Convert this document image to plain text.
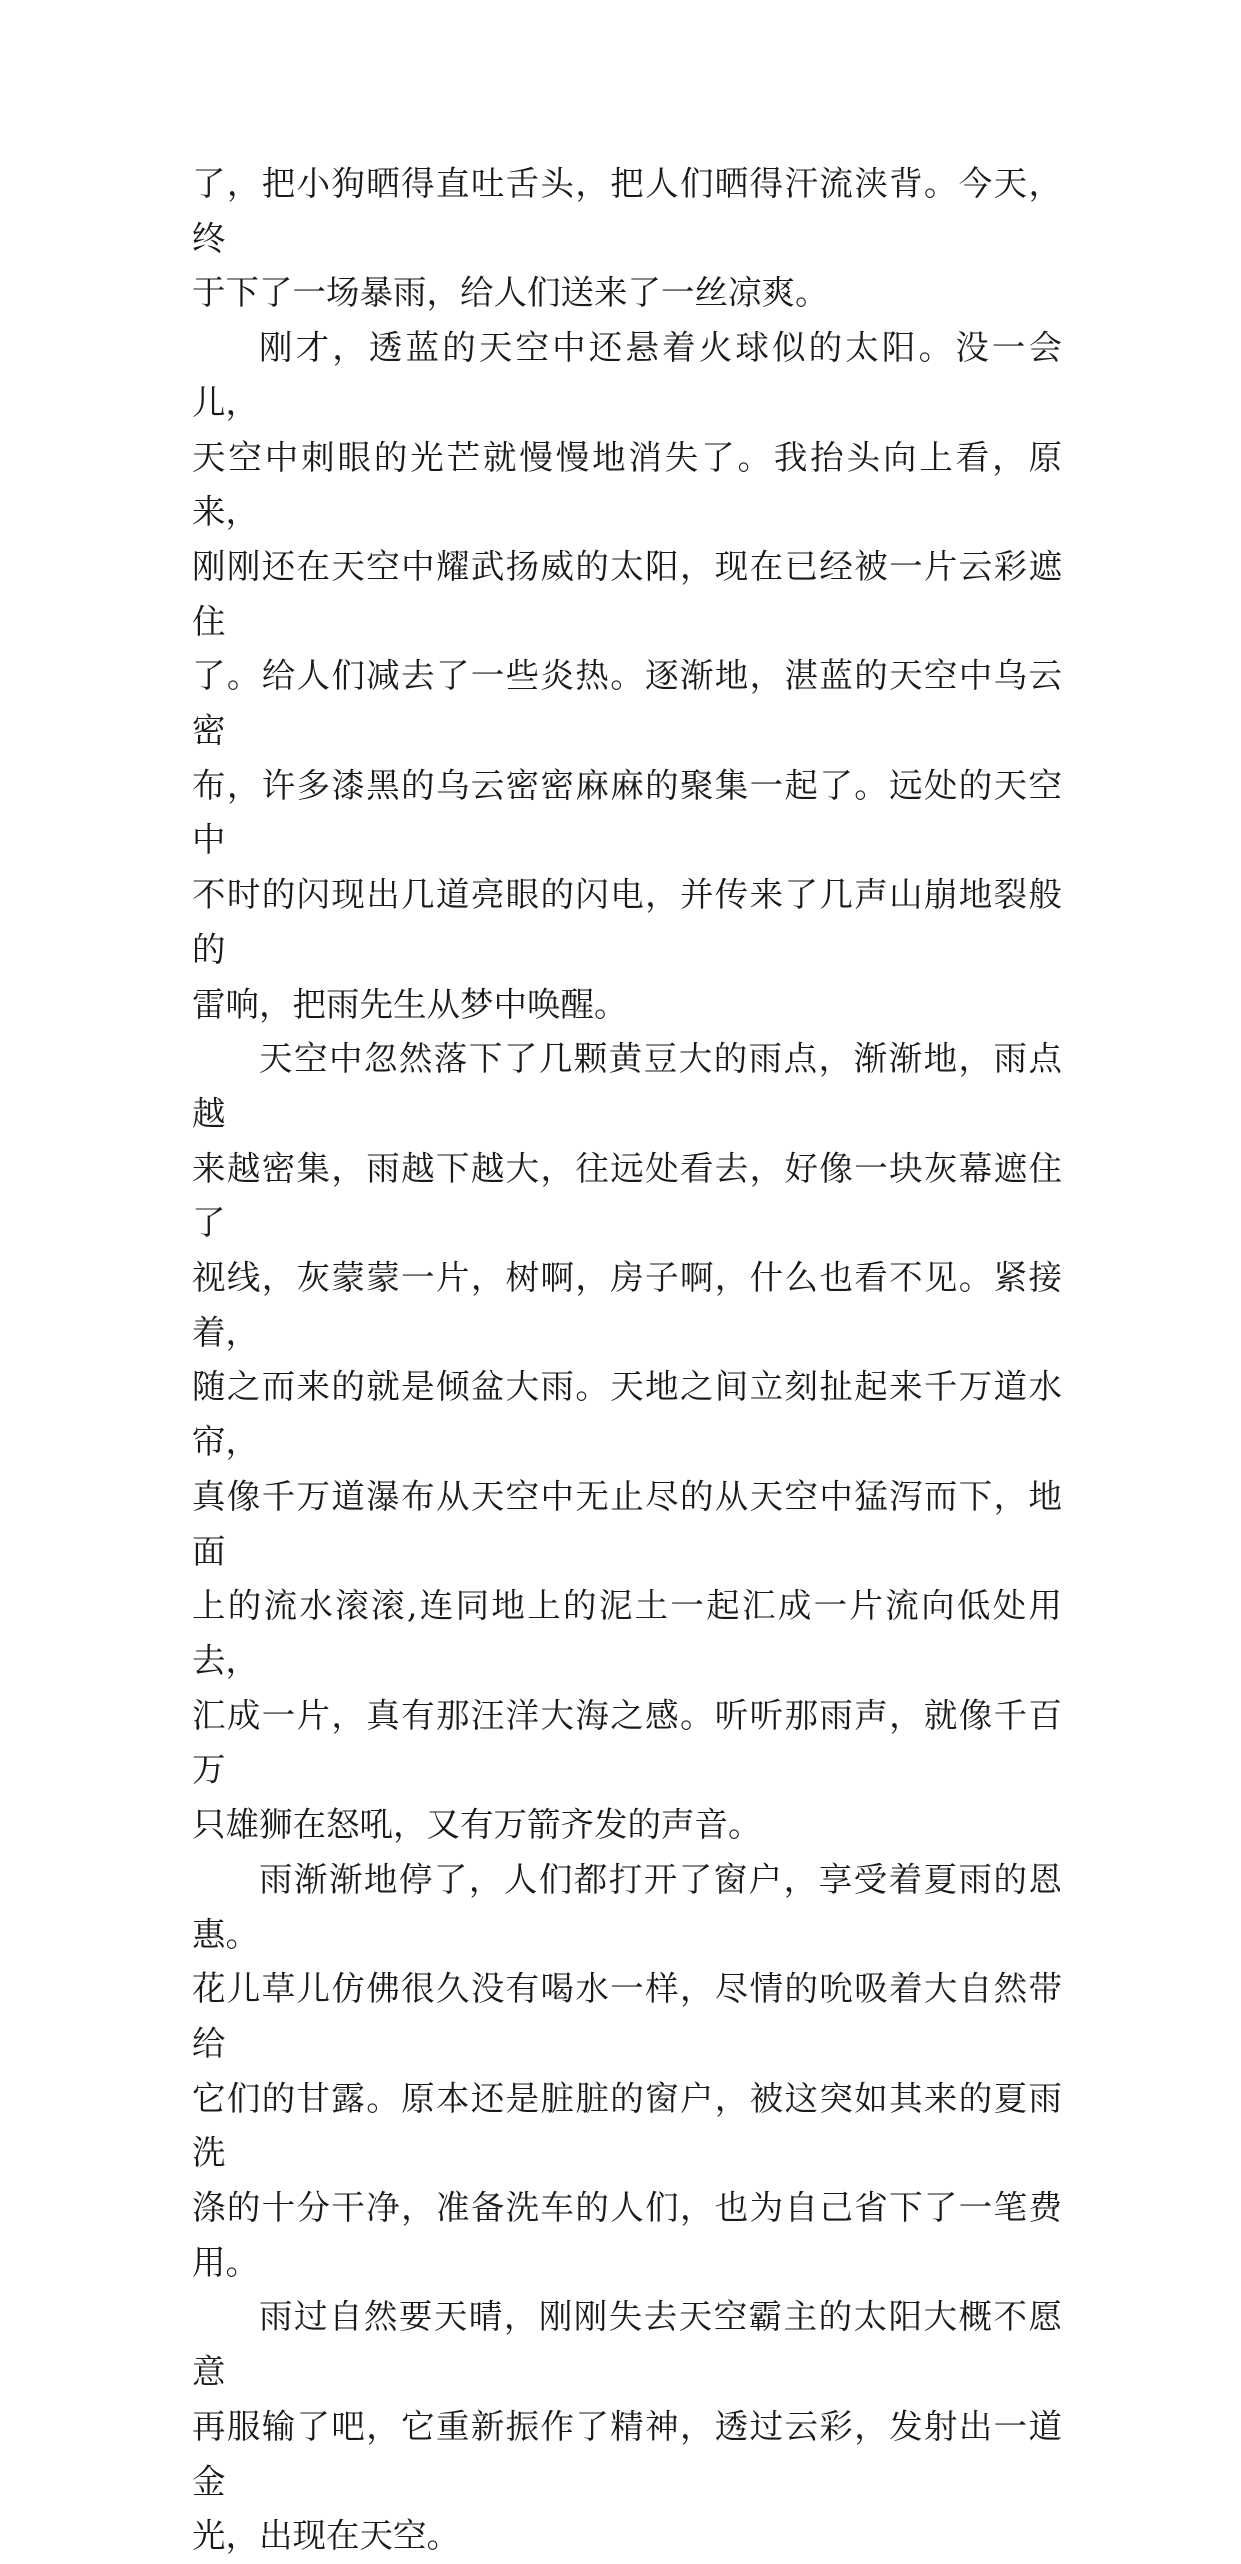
了，把小狗晒得直吐舌头，把人们晒得汗流浃背。今天，终
于下了一场暴雨，给人们送来了一丝凉爽。

刚才，透蓝的天空中还悬着火球似的太阳。没一会儿，
天空中刺眼的光芒就慢慢地消失了。我抬头向上看，原来，
刚刚还在天空中耀武扬威的太阳，现在已经被一片云彩遮住
了。给人们减去了一些炎热。逐渐地，湛蓝的天空中乌云密
布，许多漆黑的乌云密密麻麻的聚集一起了。远处的天空中
不时的闪现出几道亮眼的闪电，并传来了几声山崩地裂般的
雷响，把雨先生从梦中唤醒。

天空中忽然落下了几颗黄豆大的雨点，渐渐地，雨点越
来越密集，雨越下越大，往远处看去，好像一块灰幕遮住了
视线，灰蒙蒙一片，树啊，房子啊，什么也看不见。紧接着，
随之而来的就是倾盆大雨。天地之间立刻扯起来千万道水帘，
真像千万道瀑布从天空中无止尽的从天空中猛泻而下，地面
上的流水滚滚,连同地上的泥土一起汇成一片流向低处用去，
汇成一片，真有那汪洋大海之感。听听那雨声，就像千百万
只雄狮在怒吼，又有万箭齐发的声音。

雨渐渐地停了，人们都打开了窗户，享受着夏雨的恩惠。
花儿草儿仿佛很久没有喝水一样，尽情的吮吸着大自然带给
它们的甘露。原本还是脏脏的窗户，被这突如其来的夏雨洗
涤的十分干净，准备洗车的人们，也为自己省下了一笔费用。

雨过自然要天晴，刚刚失去天空霸主的太阳大概不愿意
再服输了吧，它重新振作了精神，透过云彩，发射出一道金
光，出现在天空。
